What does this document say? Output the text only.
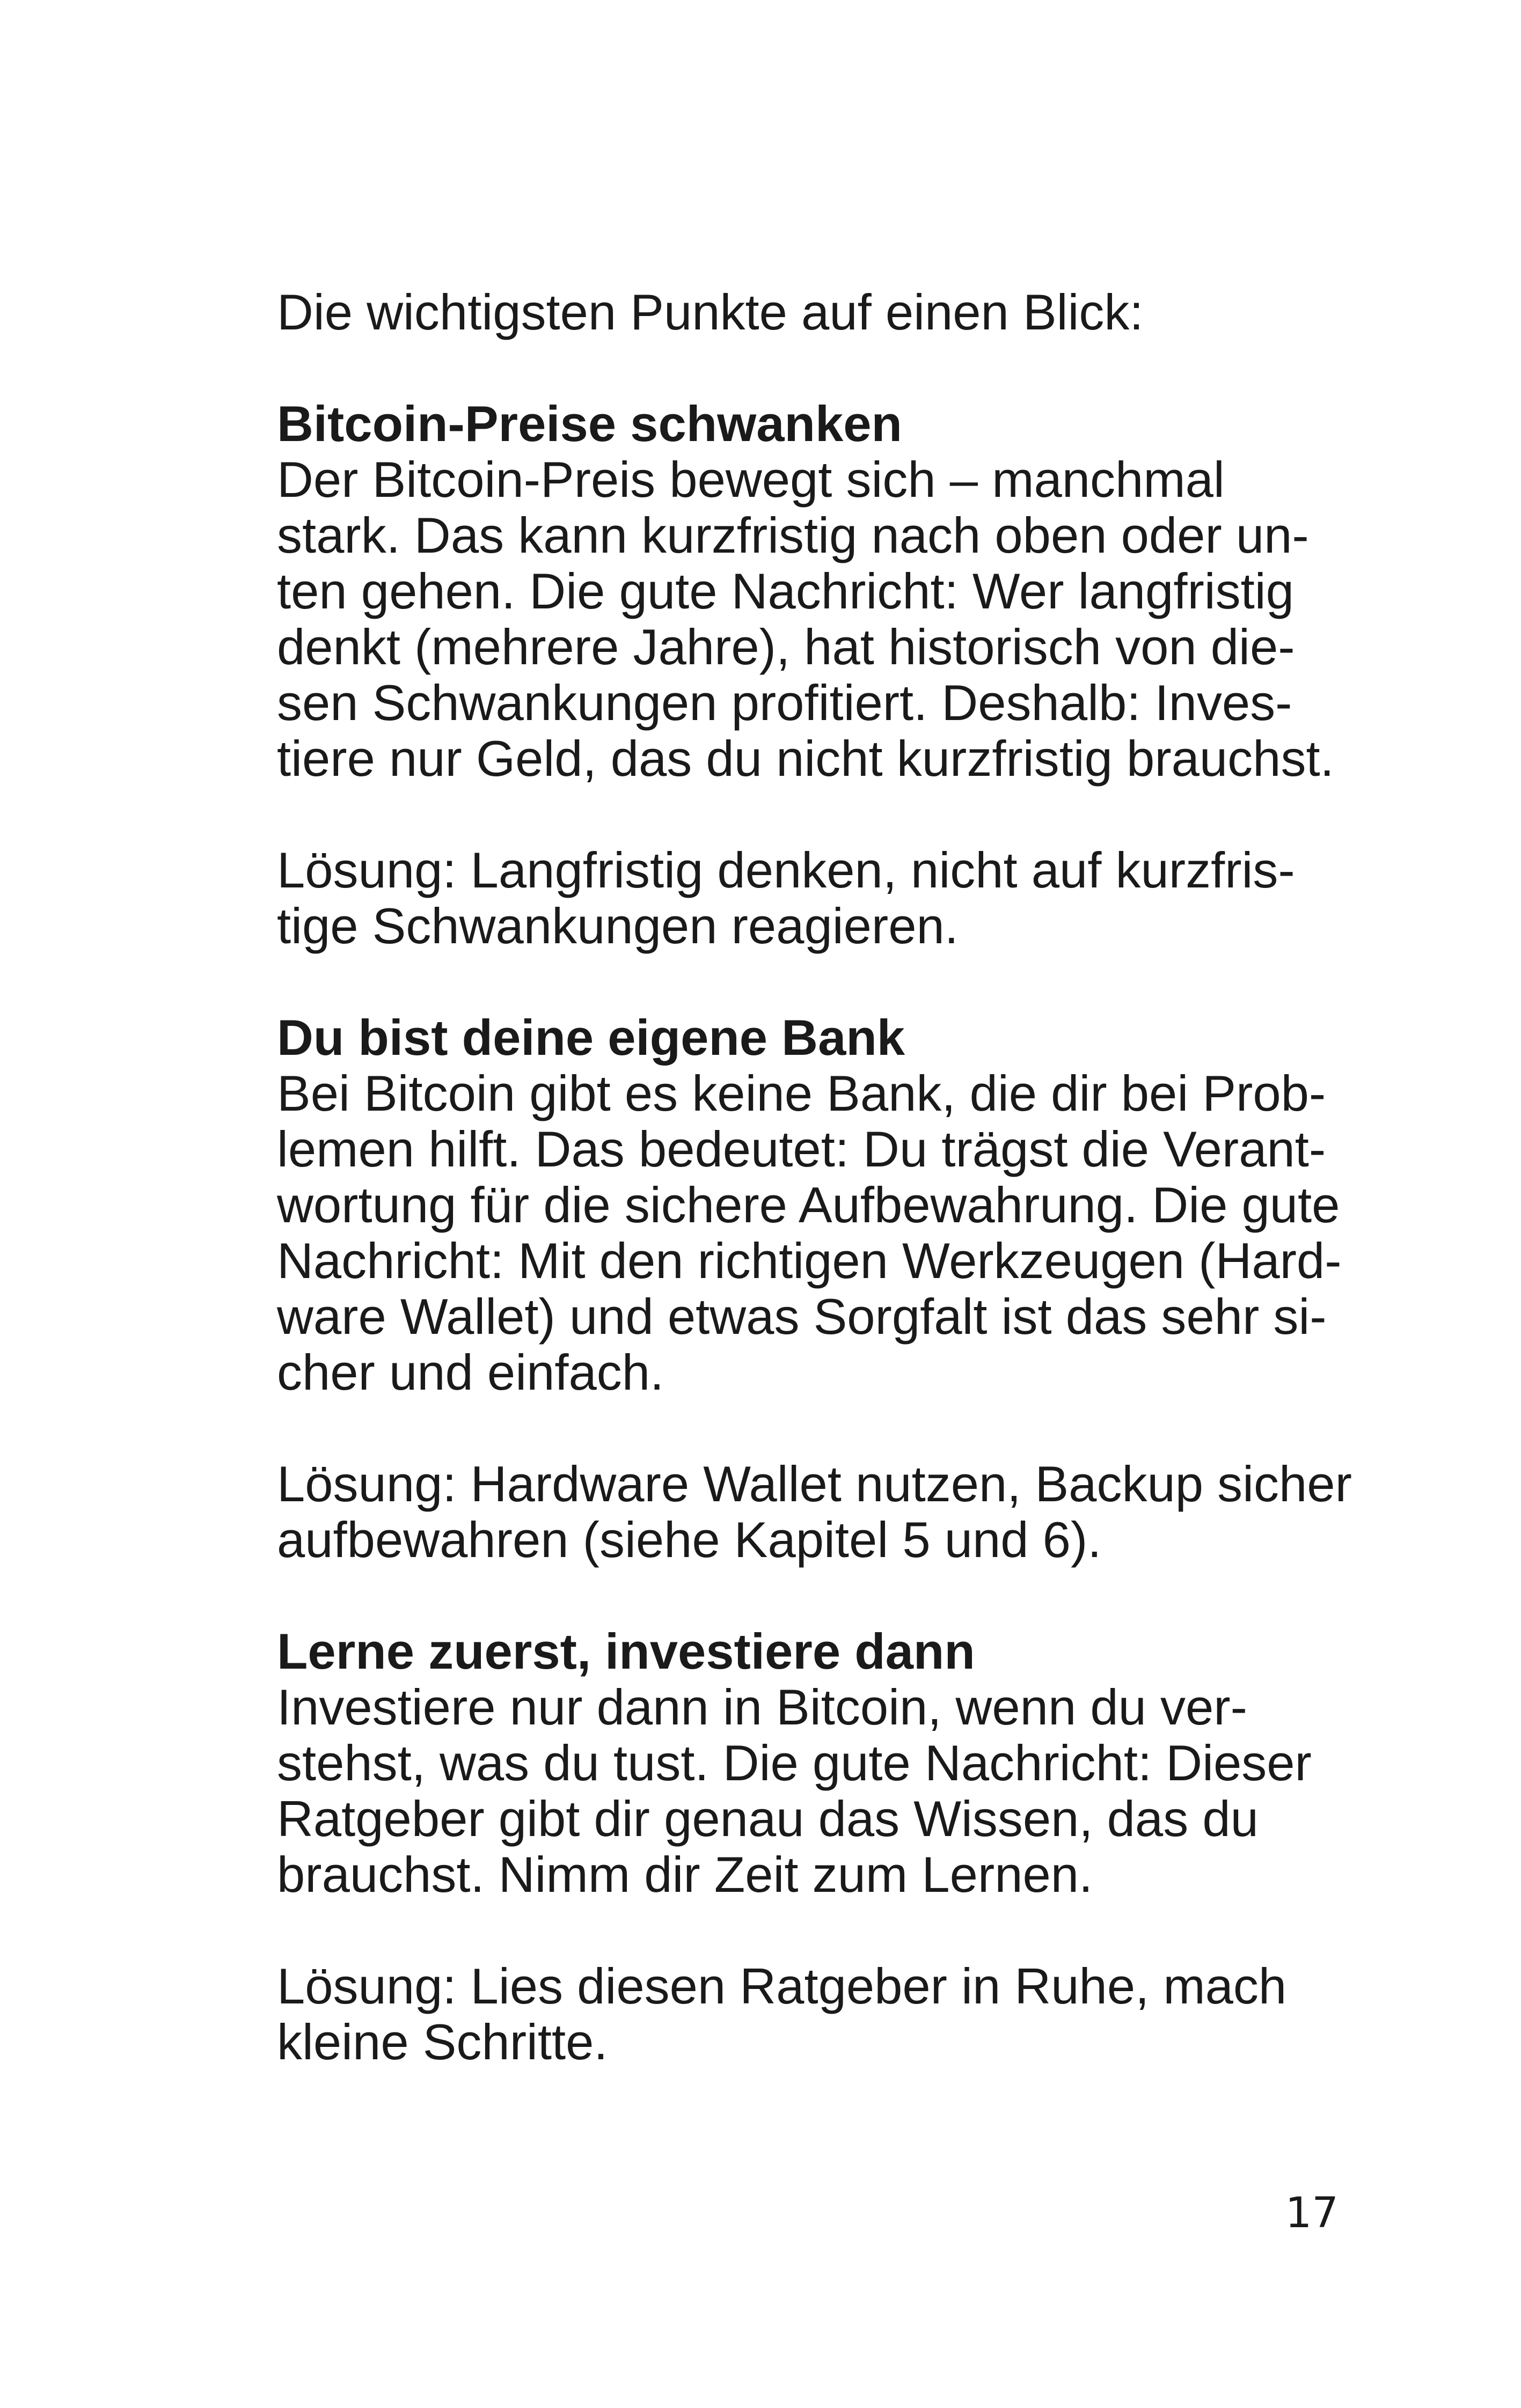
Die wichtigsten Punkte auf einen Blick:
Bitcoin-Preise schwanken
Der Bitcoin-Preis bewegt sich – manchmal
stark. Das kann kurzfristig nach oben oder un-
ten gehen. Die gute Nachricht: Wer langfristig
denkt (mehrere Jahre), hat historisch von die-
sen Schwankungen profitiert. Deshalb: Inves-
tiere nur Geld, das du nicht kurzfristig brauchst.
Lösung: Langfristig denken, nicht auf kurzfris-
tige Schwankungen reagieren.
Du bist deine eigene Bank
Bei Bitcoin gibt es keine Bank, die dir bei Prob-
lemen hilft. Das bedeutet: Du trägst die Verant-
wortung für die sichere Aufbewahrung. Die gute
Nachricht: Mit den richtigen Werkzeugen (Hard-
ware Wallet) und etwas Sorgfalt ist das sehr si-
cher und einfach.
Lösung: Hardware Wallet nutzen, Backup sicher
aufbewahren (siehe Kapitel 5 und 6).
Lerne zuerst, investiere dann
Investiere nur dann in Bitcoin, wenn du ver-
stehst, was du tust. Die gute Nachricht: Dieser
Ratgeber gibt dir genau das Wissen, das du
brauchst. Nimm dir Zeit zum Lernen.
Lösung: Lies diesen Ratgeber in Ruhe, mach
kleine Schritte.
17
